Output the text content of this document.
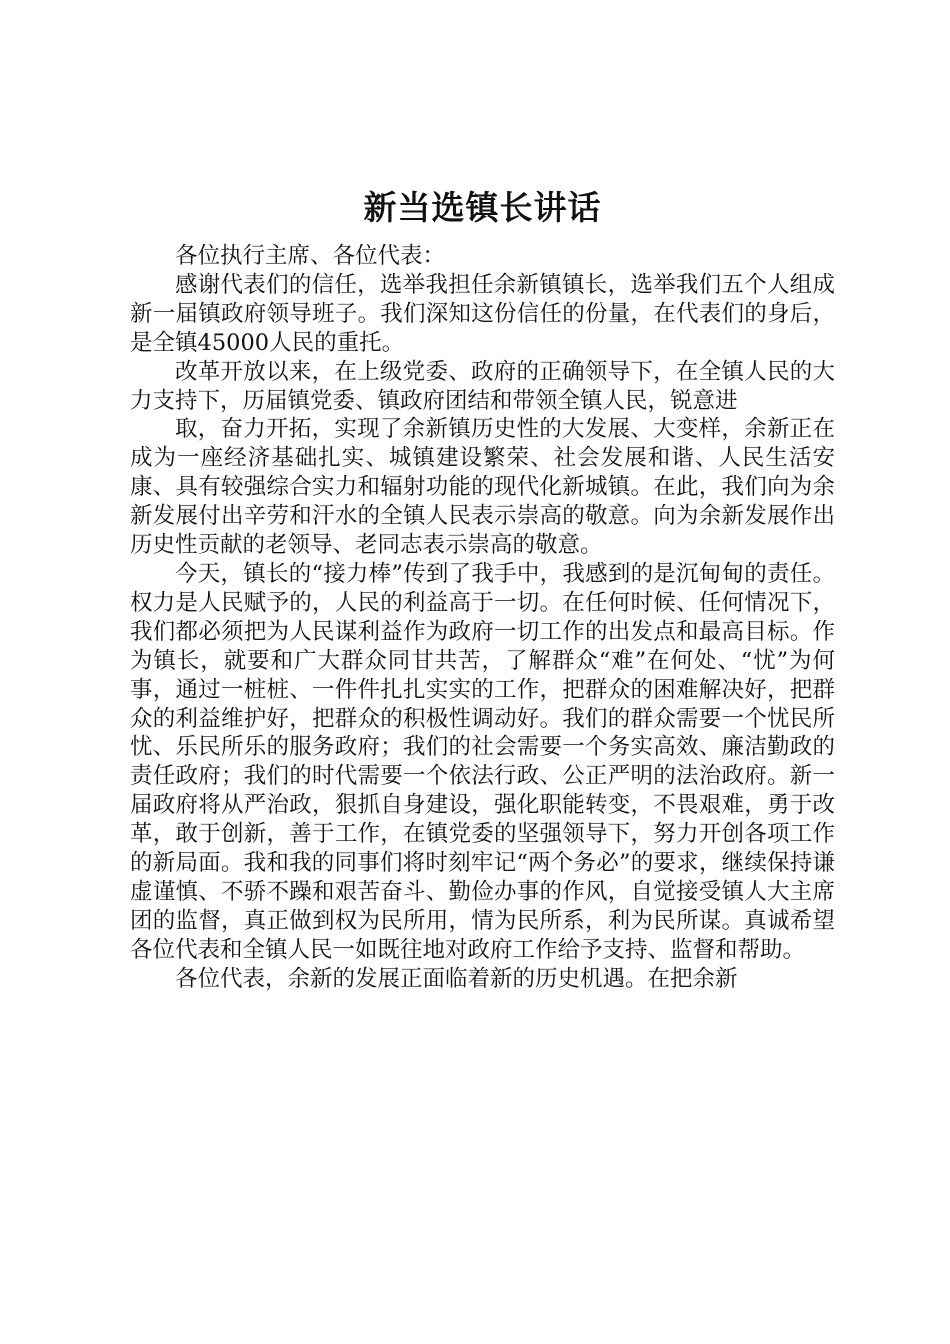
新当选镇长讲话

各位执行主席、各位代表：

感谢代表们的信任，选举我担任余新镇镇长，选举我们五个人组成新一届镇政府领导班子。我们深知这份信任的份量，在代表们的身后，是全镇45000人民的重托。

改革开放以来，在上级党委、政府的正确领导下，在全镇人民的大力支持下，历届镇党委、镇政府团结和带领全镇人民，锐意进

取，奋力开拓，实现了余新镇历史性的大发展、大变样，余新正在成为一座经济基础扎实、城镇建设繁荣、社会发展和谐、人民生活安康、具有较强综合实力和辐射功能的现代化新城镇。在此，我们向为余新发展付出辛劳和汗水的全镇人民表示崇高的敬意。向为余新发展作出历史性贡献的老领导、老同志表示崇高的敬意。

今天，镇长的“接力棒”传到了我手中，我感到的是沉甸甸的责任。权力是人民赋予的，人民的利益高于一切。在任何时候、任何情况下，我们都必须把为人民谋利益作为政府一切工作的出发点和最高目标。作为镇长，就要和广大群众同甘共苦，了解群众“难”在何处、“忧”为何事，通过一桩桩、一件件扎扎实实的工作，把群众的困难解决好，把群众的利益维护好，把群众的积极性调动好。我们的群众需要一个忧民所忧、乐民所乐的服务政府；我们的社会需要一个务实高效、廉洁勤政的责任政府；我们的时代需要一个依法行政、公正严明的法治政府。新一届政府将从严治政，狠抓自身建设，强化职能转变，不畏艰难，勇于改革，敢于创新，善于工作，在镇党委的坚强领导下，努力开创各项工作的新局面。我和我的同事们将时刻牢记“两个务必”的要求，继续保持谦虚谨慎、不骄不躁和艰苦奋斗、勤俭办事的作风，自觉接受镇人大主席团的监督，真正做到权为民所用，情为民所系，利为民所谋。真诚希望各位代表和全镇人民一如既往地对政府工作给予支持、监督和帮助。

各位代表，余新的发展正面临着新的历史机遇。在把余新
